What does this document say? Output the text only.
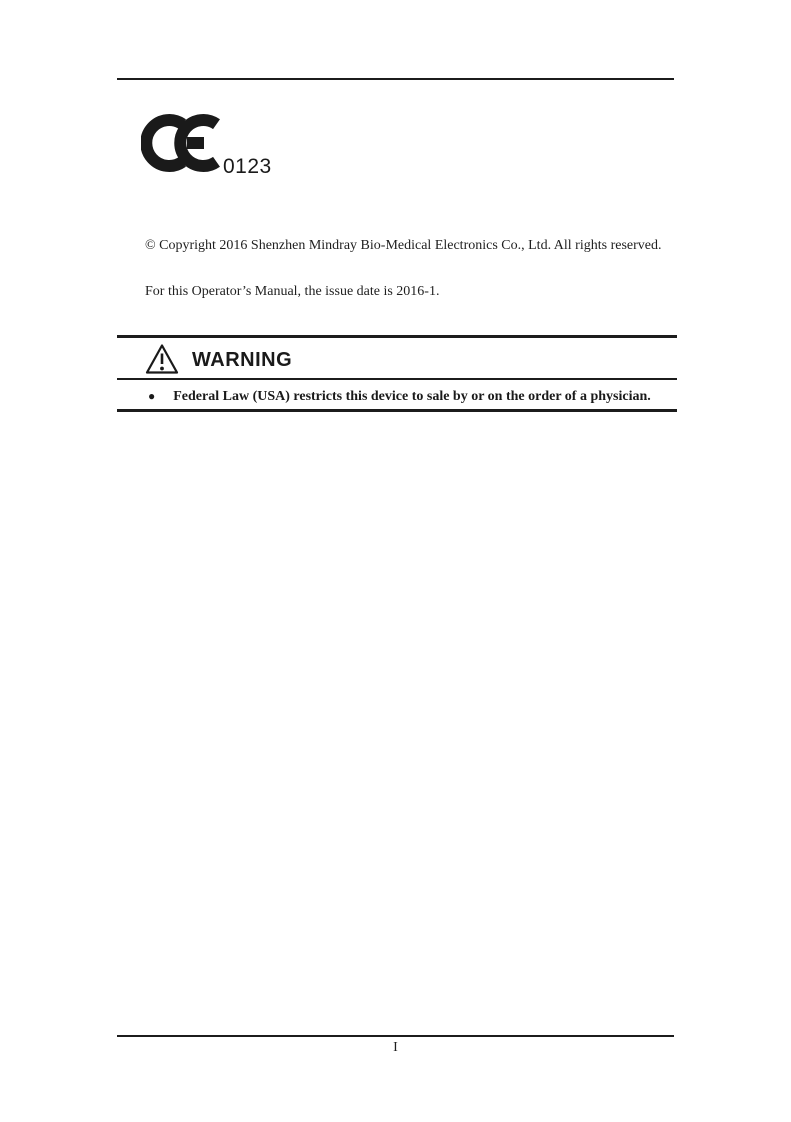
0123
© Copyright 2016 Shenzhen Mindray Bio-Medical Electronics Co., Ltd. All rights reserved.
For this Operator’s Manual, the issue date is 2016-1.
WARNING
● Federal Law (USA) restricts this device to sale by or on the order of a physician.
I
